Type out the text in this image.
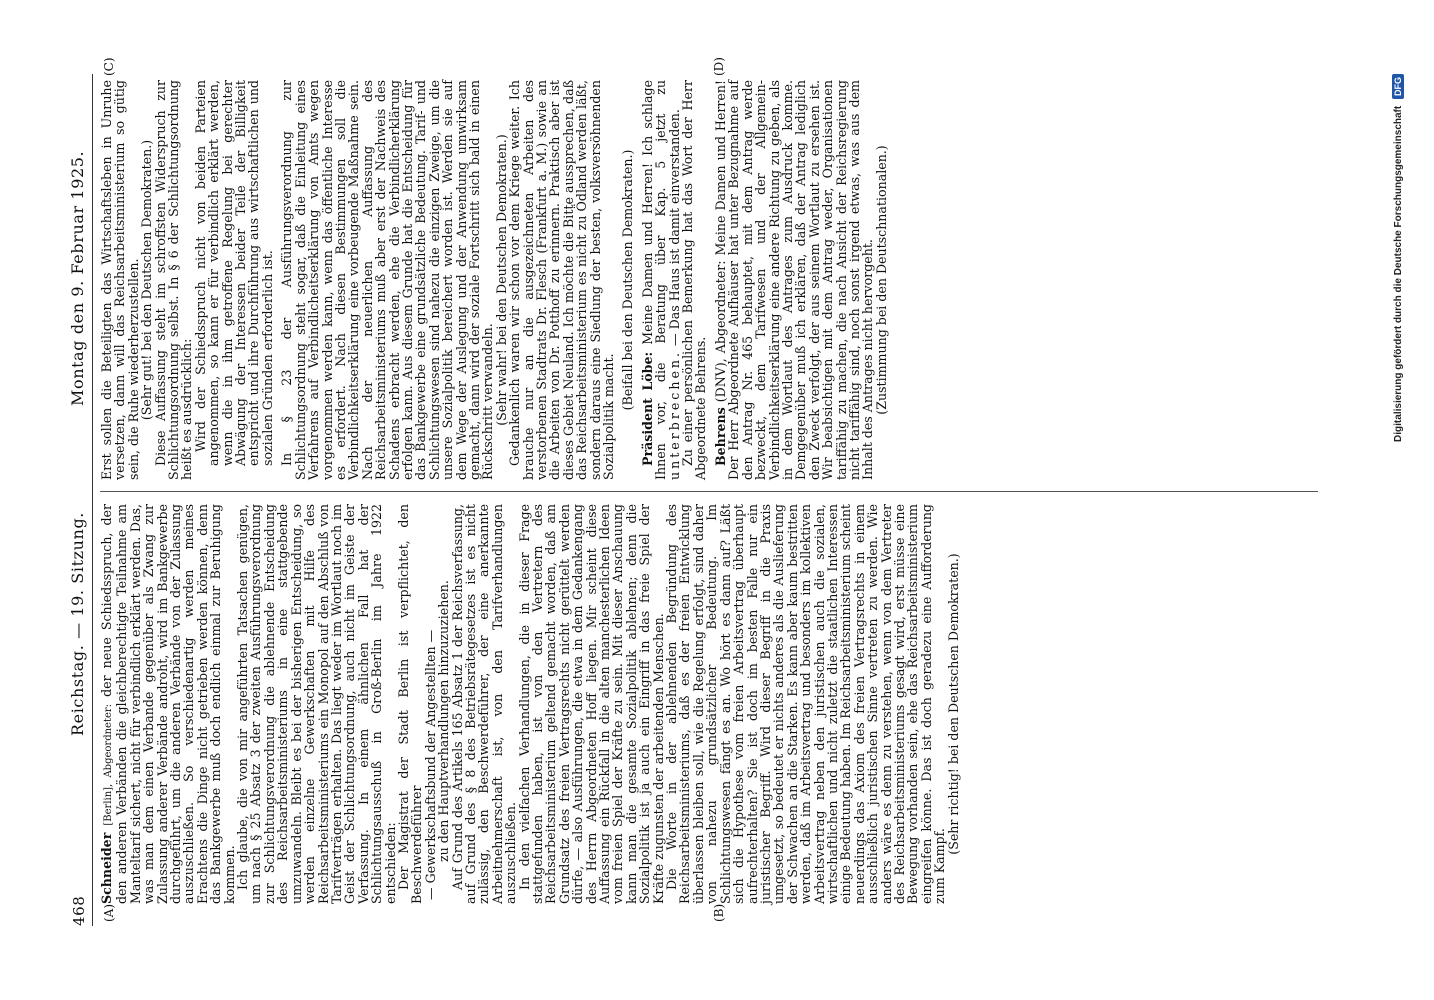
468
Reichstag. — 19. Sitzung.
Montag den 9. Februar 1925.
(A)	(B)
(C)	(D)

Schneider [Berlin], Abgeordneter: der neue Schiedsspruch, der den anderen Verbänden die gleichberechtigte Teilnahme am Manteltarif sichert, nicht für verbindlich erklärt werden. Das, was man dem einen Verbande gegenüber als Zwang zur Zulassung anderer Verbände androht, wird im Bankgewerbe durchgeführt, um die anderen Verbände von der Zulassung auszuschließen. So verschiedenartig werden meines Erachtens die Dinge nicht getrieben werden können, denn das Bankgewerbe muß doch endlich einmal zur Beruhigung kommen.

Ich glaube, die von mir angeführten Tatsachen genügen, um nach § 25 Absatz 3 der zweiten Ausführungsverordnung zur Schlichtungsverordnung die ablehnende Entscheidung des Reichsarbeitsministeriums in eine stattgebende umzuwandeln. Bleibt es bei der bisherigen Entscheidung, so werden einzelne Gewerkschaften mit Hilfe des Reichsarbeitsministeriums ein Monopol auf den Abschluß von Tarifverträgen erhalten. Das liegt weder im Wortlaut noch im Geist der Schlichtungsordnung, auch nicht im Geiste der Verfassung. In einem ähnlichen Fall hat der Schlichtungsausschuß in Groß-Berlin im Jahre 1922 entschieden:

Der Magistrat der Stadt Berlin ist verpflichtet, den Beschwerdeführer

— Gewerkschaftsbund der Angestellten —

zu den Hauptverhandlungen hinzuzuziehen.

Auf Grund des Artikels 165 Absatz 1 der Reichsverfassung, auf Grund des § 8 des Betriebsrätegesetzes ist es nicht zulässig, den Beschwerdeführer, der eine anerkannte Arbeitnehmerschaft ist, von den Tarifverhandlungen auszuschließen.

In den vielfachen Verhandlungen, die in dieser Frage stattgefunden haben, ist von den Vertretern des Reichsarbeitsministerium geltend gemacht worden, daß am Grundsatz des freien Vertragsrechts nicht gerüttelt werden dürfe, — also Ausführungen, die etwa in dem Gedankengang des Herrn Abgeordneten Hoff liegen. Mir scheint diese Auffassung ein Rückfall in die alten manchesterlichen Ideen vom freien Spiel der Kräfte zu sein. Mit dieser Anschauung kann man die gesamte Sozialpolitik ablehnen; denn die Sozialpolitik ist ja auch ein Eingriff in das freie Spiel der Kräfte zugunsten der arbeitenden Menschen.

Die Worte in der ablehnenden Begründung des Reichsarbeitsministeriums, daß es der freien Entwicklung überlassen bleiben soll, wie die Regelung erfolgt, sind daher von nahezu grundsätzlicher Bedeutung. Im Schlichtungswesen fängt es an. Wo hört es dann auf? Läßt sich die Hypothese vom freien Arbeitsvertrag überhaupt aufrechterhalten? Sie ist doch im besten Falle nur ein juristischer Begriff. Wird dieser Begriff in die Praxis umgesetzt, so bedeutet er nichts anderes als die Auslieferung der Schwachen an die Starken. Es kann aber kaum bestritten werden, daß im Arbeitsvertrag und besonders im kollektiven Arbeitsvertrag neben den juristischen auch die sozialen, wirtschaftlichen und nicht zuletzt die staatlichen Interessen einige Bedeutung haben. Im Reichsarbeitsministerium scheint neuerdings das Axiom des freien Vertragsrechts in einem ausschließlich juristischen Sinne vertreten zu werden. Wie anders wäre es denn zu verstehen, wenn von dem Vertreter des Reichsarbeitsministeriums gesagt wird, erst müsse eine Bewegung vorhanden sein, ehe das Reichsarbeitsministerium eingreifen könne. Das ist doch geradezu eine Aufforderung zum Kampf.

(Sehr richtig! bei den Deutschen Demokraten.)

Erst sollen die Beteiligten das Wirtschaftsleben in Unruhe versetzen, dann will das Reichsarbeitsministerium so gütig sein, die Ruhe wiederherzustellen.

(Sehr gut! bei den Deutschen Demokraten.)

Diese Auffassung steht im schroffsten Widerspruch zur Schlichtungsordnung selbst. In § 6 der Schlichtungsordnung heißt es ausdrücklich:

Wird der Schiedsspruch nicht von beiden Parteien angenommen, so kann er für verbindlich erklärt werden, wenn die in ihm getroffene Regelung bei gerechter Abwägung der Interessen beider Teile der Billigkeit entspricht und ihre Durchführung aus wirtschaftlichen und sozialen Gründen erforderlich ist. In § 23 der Ausführungsverordnung zur Schlichtungsordnung steht sogar, daß die Einleitung eines Verfahrens auf Verbindlicheitserklärung von Amts wegen vorgenommen werden kann, wenn das öffentliche Interesse es erfordert. Nach diesen Bestimmungen soll die Verbindlichkeitserklärung eine vorbeugende Maßnahme sein. Nach der neuerlichen Auffassung des Reichsarbeitsministeriums muß aber erst der Nachweis des Schadens erbracht werden, ehe die Verbindlicherklärung erfolgen kann. Aus diesem Grunde hat die Entscheidung für das Bankgewerbe eine grundsätzliche Bedeutung. Tarif- und Schlichtungswesen sind nahezu die einzigen Zweige, um die unsere Sozialpolitik bereichert worden ist. Werden sie auf dem Wege der Auslegung und der Anwendung umwirksam gemacht, dann wird der soziale Fortschritt sich bald in einen Rückschritt verwandeln.

(Sehr wahr! bei den Deutschen Demokraten.)

Gedankenlich waren wir schon vor dem Kriege weiter. Ich brauche nur an die ausgezeichneten Arbeiten des verstorbenen Stadtrats Dr. Flesch (Frankfurt a. M.) sowie an die Arbeiten von Dr. Potthoff zu erinnern. Praktisch aber ist dieses Gebiet Neuland. Ich möchte die Bitte aussprechen, daß das Reichsarbeitsministerium es nicht zu Ödland werden läßt, sondern daraus eine Siedlung der besten, volksversöhnenden Sozialpolitik macht.

(Beifall bei den Deutschen Demokraten.) Präsident Löbe: Meine Damen und Herren! Ich schlage Ihnen vor, die Beratung über Kap. 5 jetzt zu unterbrechen. — Das Haus ist damit einverstanden.

Zu einer persönlichen Bemerkung hat das Wort der Herr Abgeordnete Behrens. Behrens (DNV), Abgeordneter: Meine Damen und Herren! Der Herr Abgeordnete Aufhäuser hat unter Bezugnahme auf den Antrag Nr. 465 behauptet, mit dem Antrag werde bezweckt, dem Tarifwesen und der Allgemein-Verbindlichkeitserklärung eine andere Richtung zu geben, als in dem Wortlaut des Antrages zum Ausdruck komme. Demgegenüber muß ich erklären, daß der Antrag lediglich den Zweck verfolgt, der aus seinem Wortlaut zu ersehen ist. Wir beabsichtigen mit dem Antrag weder, Organisationen tariffähig zu machen, die nach Ansicht der Reichsregierung nicht tariffähig sind, noch sonst irgend etwas, was aus dem Inhalt des Antrages nicht hervorgeht.

(Zustimmung bei den Deutschnationalen.)	Digitalisierung gefördert durch die Deutsche Forschungsgemeinschaft DFG
